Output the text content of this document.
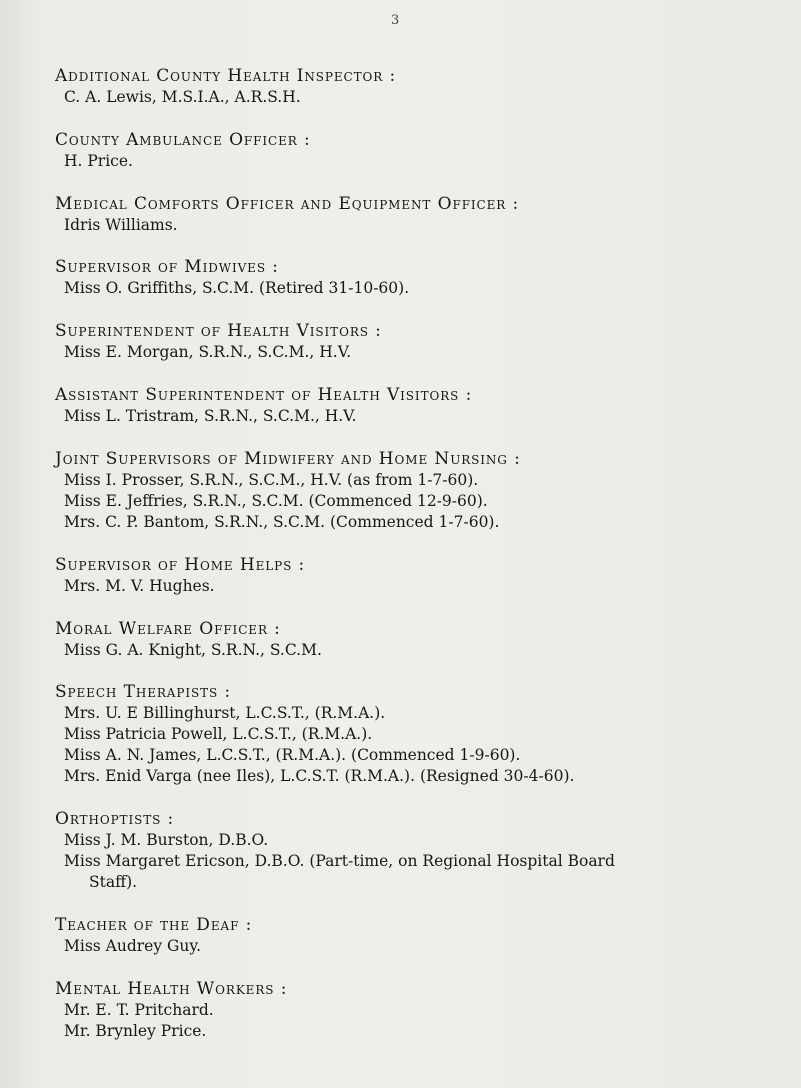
3
Additional County Health Inspector :
C. A. Lewis, M.S.I.A., A.R.S.H.
County Ambulance Officer :
H. Price.
Medical Comforts Officer and Equipment Officer :
Idris Williams.
Supervisor of Midwives :
Miss O. Griffiths, S.C.M. (Retired 31-10-60).
Superintendent of Health Visitors :
Miss E. Morgan, S.R.N., S.C.M., H.V.
Assistant Superintendent of Health Visitors :
Miss L. Tristram, S.R.N., S.C.M., H.V.
Joint Supervisors of Midwifery and Home Nursing :
Miss I. Prosser, S.R.N., S.C.M., H.V. (as from 1-7-60).
Miss E. Jeffries, S.R.N., S.C.M. (Commenced 12-9-60).
Mrs. C. P. Bantom, S.R.N., S.C.M. (Commenced 1-7-60).
Supervisor of Home Helps :
Mrs. M. V. Hughes.
Moral Welfare Officer :
Miss G. A. Knight, S.R.N., S.C.M.
Speech Therapists :
Mrs. U. E Billinghurst, L.C.S.T., (R.M.A.).
Miss Patricia Powell, L.C.S.T., (R.M.A.).
Miss A. N. James, L.C.S.T., (R.M.A.). (Commenced 1-9-60).
Mrs. Enid Varga (nee Iles), L.C.S.T. (R.M.A.). (Resigned 30-4-60).
Orthoptists :
Miss J. M. Burston, D.B.O.
Miss Margaret Ericson, D.B.O. (Part-time, on Regional Hospital Board
Staff).
Teacher of the Deaf :
Miss Audrey Guy.
Mental Health Workers :
Mr. E. T. Pritchard.
Mr. Brynley Price.
